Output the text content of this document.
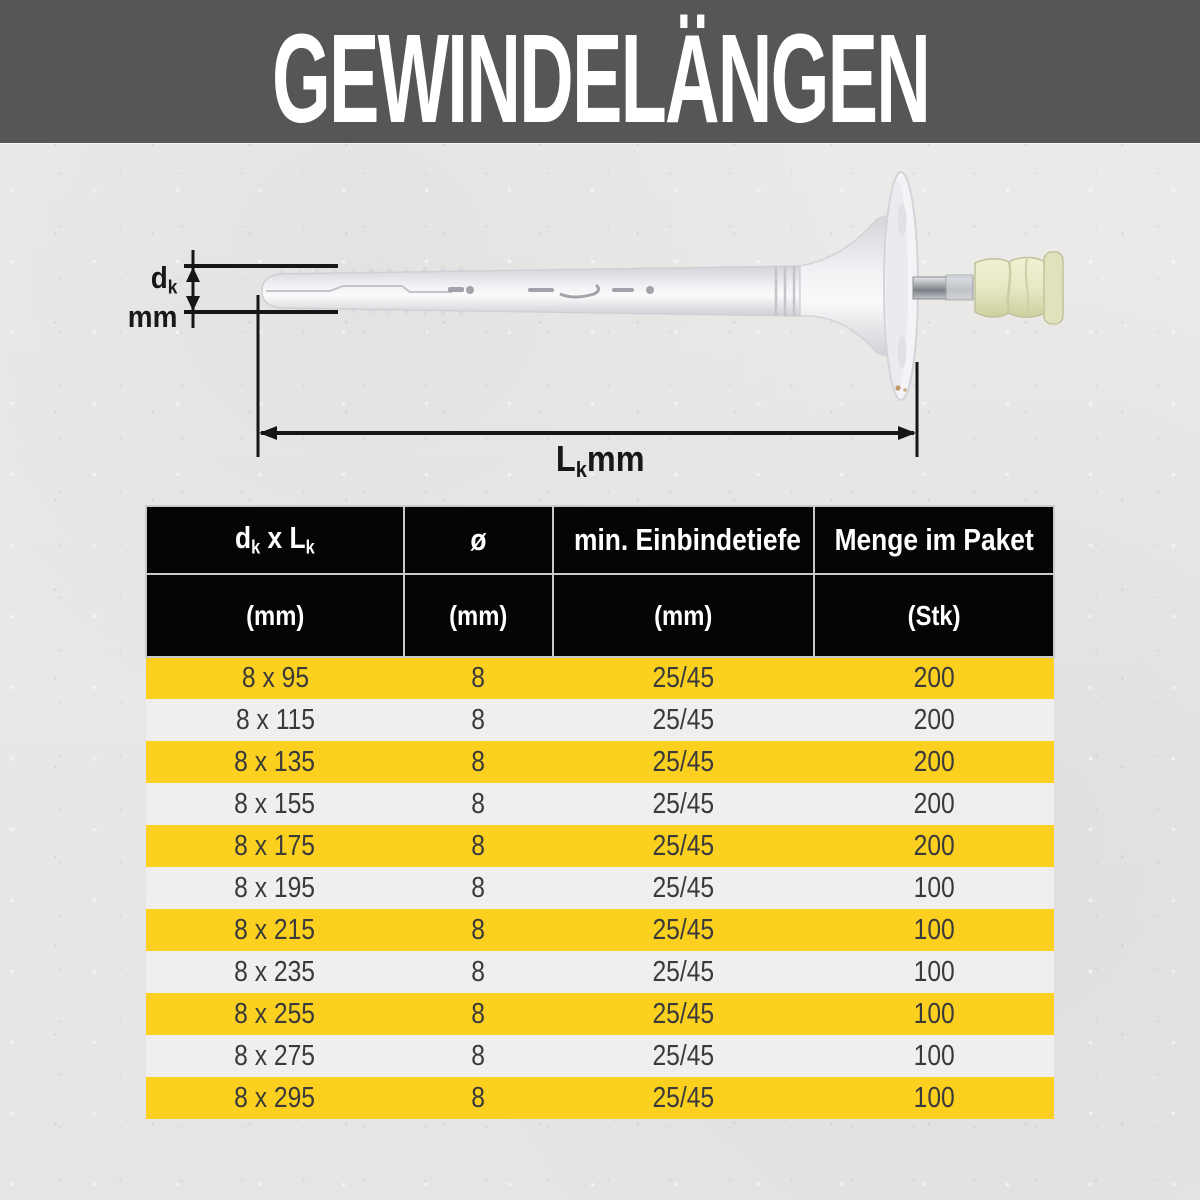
GEWINDELÄNGEN
$d_k$
mm
$L_kmm$
$d_k$ x $L_k$	ø	min. Einbindetiefe	Menge im Paket
(mm)	(mm)	(mm)	(Stk)
8 x 95	8	25/45	200
8 x 115	8	25/45	200
8 x 135	8	25/45	200
8 x 155	8	25/45	200
8 x 175	8	25/45	200
8 x 195	8	25/45	100
8 x 215	8	25/45	100
8 x 235	8	25/45	100
8 x 255	8	25/45	100
8 x 275	8	25/45	100
8 x 295	8	25/45	100
